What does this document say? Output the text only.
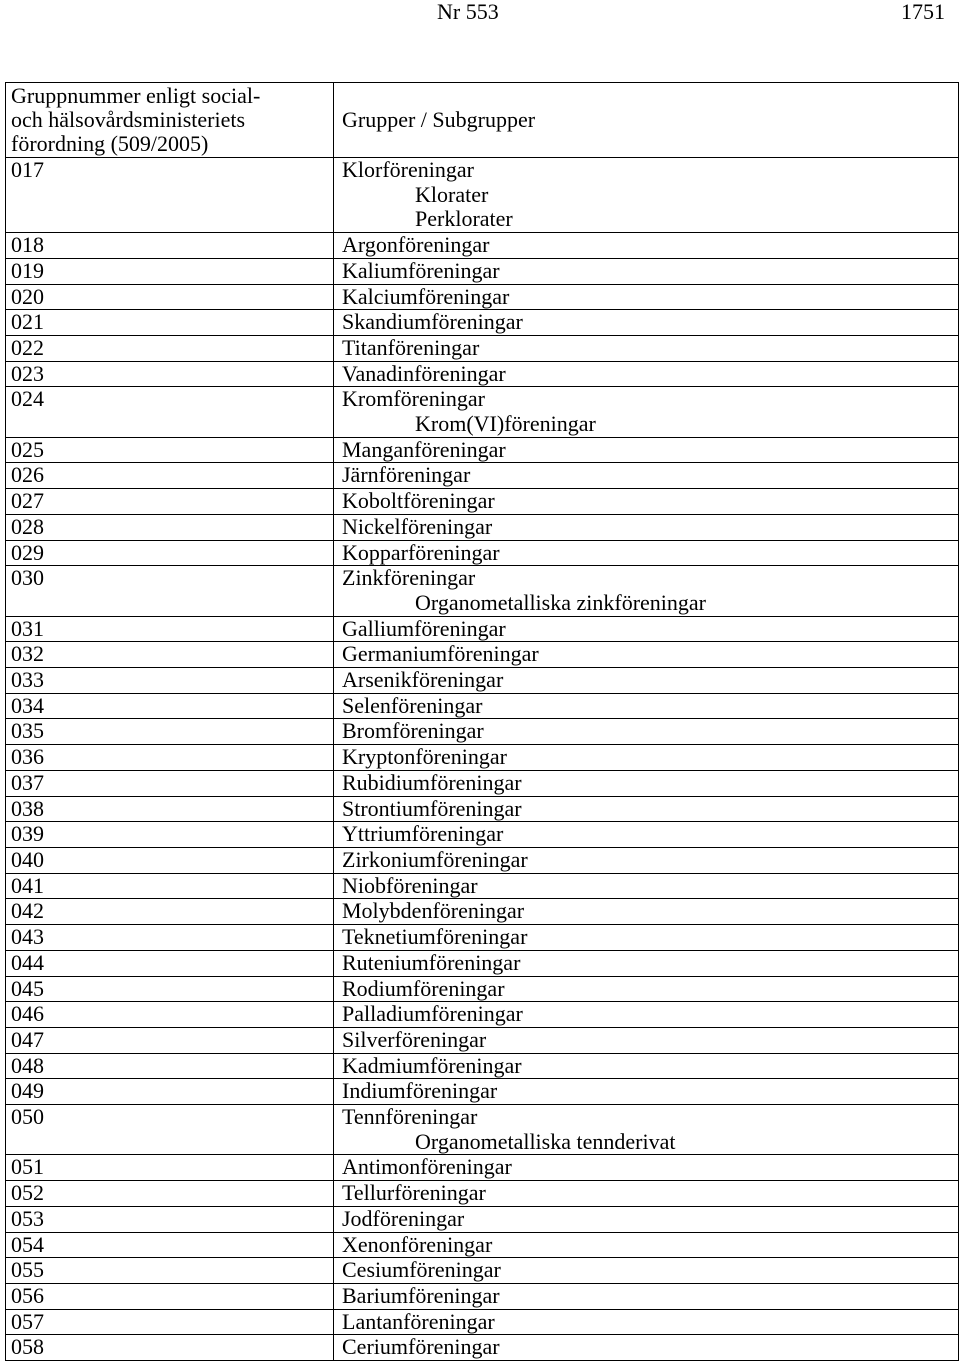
Nr 553	1751
Gruppnummer enligt social-
och hälsovårdsministeriets
förordning (509/2005)
Grupper / Subgrupper
017	Klorföreningar
Klorater
Perklorater
018	Argonföreningar
019	Kaliumföreningar
020	Kalciumföreningar
021	Skandiumföreningar
022	Titanföreningar
023	Vanadinföreningar
024	Kromföreningar
Krom(VI)föreningar
025	Manganföreningar
026	Järnföreningar
027	Koboltföreningar
028	Nickelföreningar
029	Kopparföreningar
030	Zinkföreningar
Organometalliska zinkföreningar
031	Galliumföreningar
032	Germaniumföreningar
033	Arsenikföreningar
034	Selenföreningar
035	Bromföreningar
036	Kryptonföreningar
037	Rubidiumföreningar
038	Strontiumföreningar
039	Yttriumföreningar
040	Zirkoniumföreningar
041	Niobföreningar
042	Molybdenföreningar
043	Teknetiumföreningar
044	Ruteniumföreningar
045	Rodiumföreningar
046	Palladiumföreningar
047	Silverföreningar
048	Kadmiumföreningar
049	Indiumföreningar
050	Tennföreningar
Organometalliska tennderivat
051	Antimonföreningar
052	Tellurföreningar
053	Jodföreningar
054	Xenonföreningar
055	Cesiumföreningar
056	Bariumföreningar
057	Lantanföreningar
058	Ceriumföreningar
